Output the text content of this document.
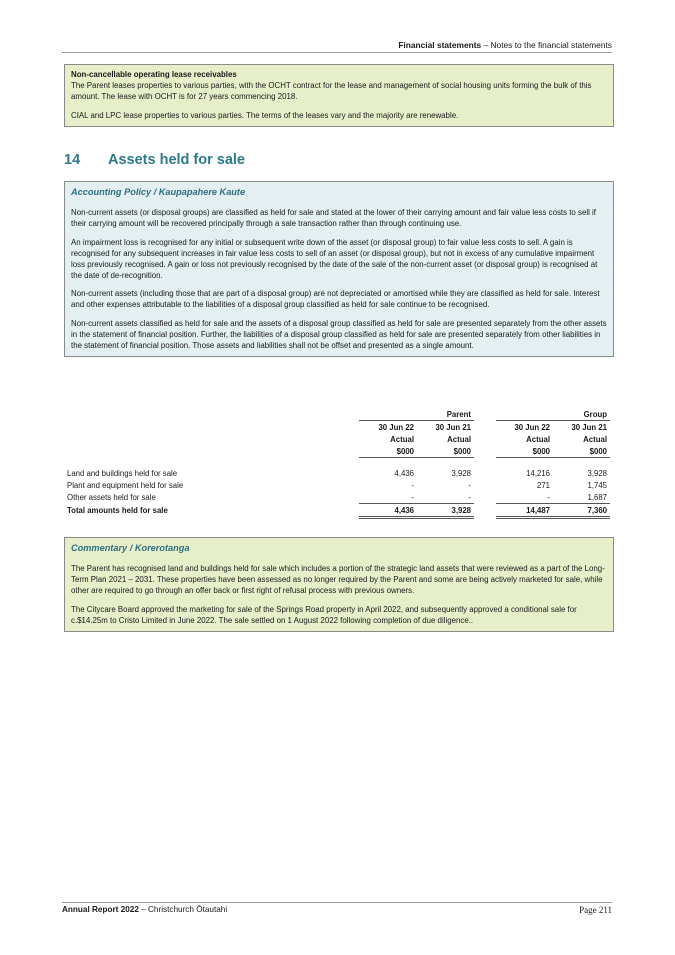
Financial statements – Notes to the financial statements

Non-cancellable operating lease receivables
The Parent leases properties to various parties, with the OCHT contract for the lease and management of social housing units forming the bulk of this amount. The lease with OCHT is for 27 years commencing 2018.

CIAL and LPC lease properties to various parties. The terms of the leases vary and the majority are renewable.

14 Assets held for sale
Accounting Policy / Kaupapahere Kaute

Non-current assets (or disposal groups) are classified as held for sale and stated at the lower of their carrying amount and fair value less costs to sell if their carrying amount will be recovered principally through a sale transaction rather than through continuing use.

An impairment loss is recognised for any initial or subsequent write down of the asset (or disposal group) to fair value less costs to sell. A gain is recognised for any subsequent increases in fair value less costs to sell of an asset (or disposal group), but not in excess of any cumulative impairment loss previously recognised. A gain or loss not previously recognised by the date of the sale of the non-current asset (or disposal group) is recognised at the date of de-recognition.

Non-current assets (including those that are part of a disposal group) are not depreciated or amortised while they are classified as held for sale. Interest and other expenses attributable to the liabilities of a disposal group classified as held for sale continue to be recognised.

Non-current assets classified as held for sale and the assets of a disposal group classified as held for sale are presented separately from the other assets in the statement of financial position. Further, the liabilities of a disposal group classified as held for sale are presented separately from other liabilities in the statement of financial position. Those assets and liabilities shall not be offset and presented as a single amount.

	Parent			Group	
	30 Jun 22	30 Jun 21		30 Jun 22	30 Jun 21
	Actual	Actual		Actual	Actual
	$000	$000		$000	$000

Land and buildings held for sale	4,436	3,928		14,216	3,928
Plant and equipment held for sale	-	-		271	1,745
Other assets held for sale	-	-		-	1,687
Total amounts held for sale	4,436	3,928		14,487	7,360
Commentary / Korerotanga

The Parent has recognised land and buildings held for sale which includes a portion of the strategic land assets that were reviewed as a part of the Long-Term Plan 2021 – 2031. These properties have been assessed as no longer required by the Parent and some are being actively marketed for sale, while other are required to go through an offer back or first right of refusal process with previous owners.

The Citycare Board approved the marketing for sale of the Springs Road property in April 2022, and subsequently approved a conditional sale for c.$14.25m to Cristo Limited in June 2022. The sale settled on 1 August 2022 following completion of due diligence..

Annual Report 2022 – Christchurch Ōtautahi	Page 211
